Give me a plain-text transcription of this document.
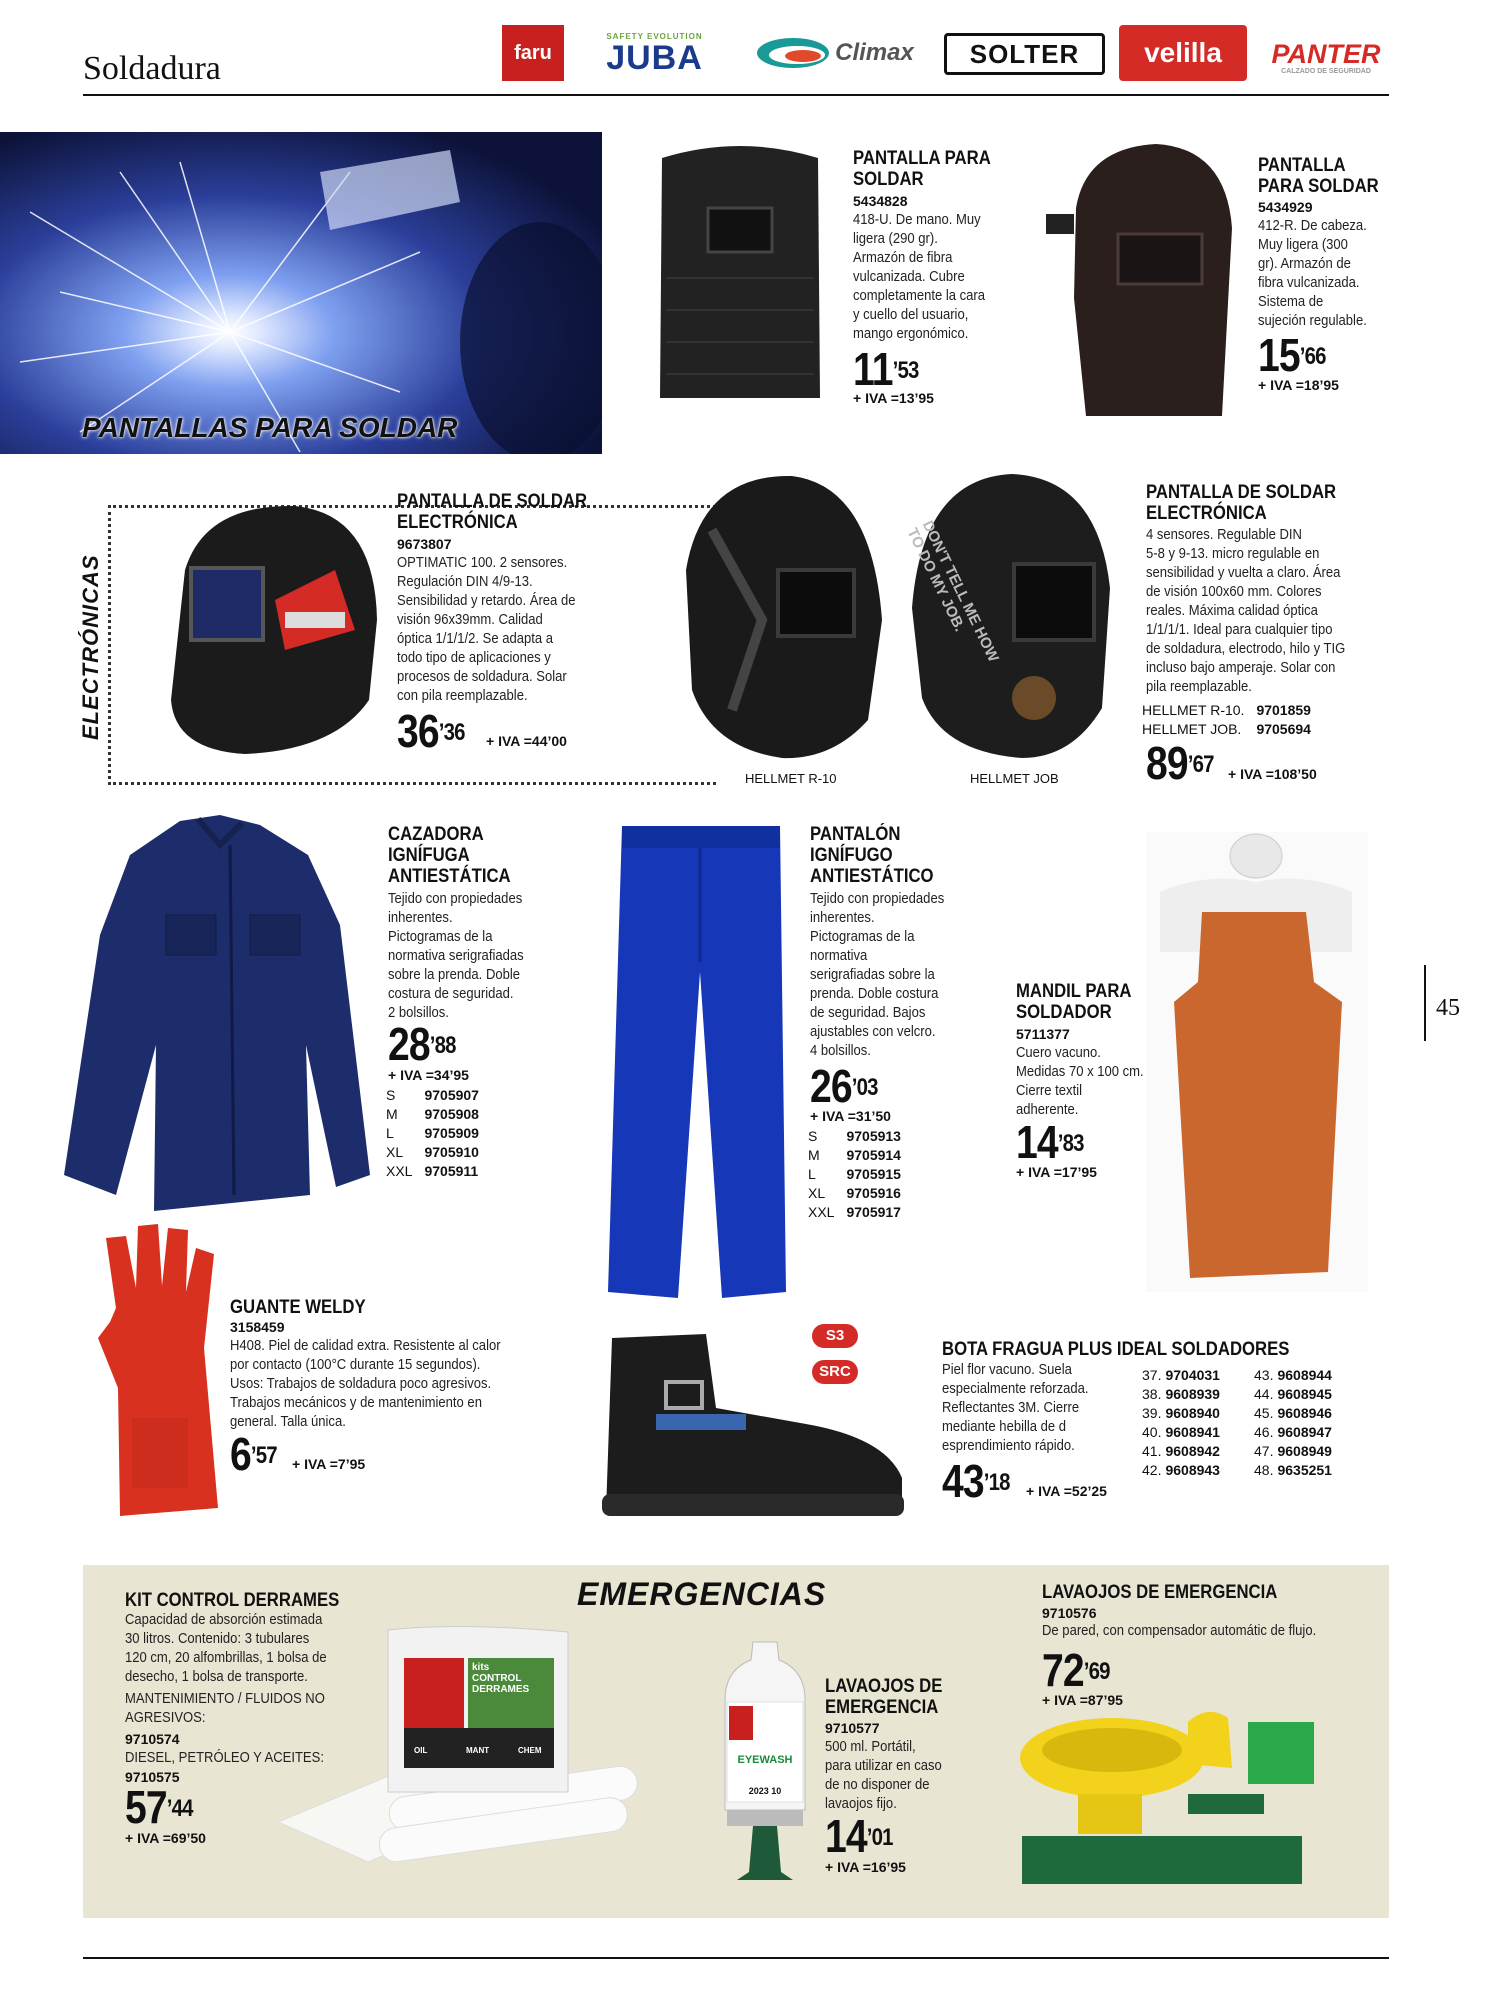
Soldadura	faru
SAFETY EVOLUTION
JUBA	Climax SOLTER velilla PANTER
CALZADO DE SEGURIDAD
PANTALLAS PARA SOLDAR
PANTALLA PARA
SOLDAR
5434828
418-U. De mano. Muy
ligera (290 gr).
Armazón de fibra
vulcanizada. Cubre
completamente la cara
y cuello del usuario,
mango ergonómico.
$11^{’53}$
+ IVA =13’95
PANTALLA
PARA SOLDAR
5434929
412-R. De cabeza.
Muy ligera (300
gr). Armazón de
fibra vulcanizada.
Sistema de
sujeción regulable.
$15^{’66}$
+ IVA =18’95
ELECTRÓNICAS
PANTALLA DE SOLDAR
ELECTRÓNICA
9673807
OPTIMATIC 100. 2 sensores.
Regulación DIN 4/9-13.
Sensibilidad y retardo. Área de
visión 96x39mm. Calidad
óptica 1/1/1/2. Se adapta a
todo tipo de aplicaciones y
procesos de soldadura. Solar
con pila reemplazable.
$36^{’36}$ + IVA =44’00
DON'T TELL ME HOW TO DO MY JOB.
HELLMET R-10	HELLMET JOB
PANTALLA DE SOLDAR
ELECTRÓNICA
4 sensores. Regulable DIN
5-8 y 9-13. micro regulable en
sensibilidad y vuelta a claro. Área
de visión 100x60 mm. Colores
reales. Máxima calidad óptica
1/1/1/1. Ideal para cualquier tipo
de soldadura, electrodo, hilo y TIG
incluso bajo amperaje. Solar con
pila reemplazable.
HELLMET R-10.	9701859
HELLMET JOB.	9705694
$89^{’67}$ + IVA =108’50
CAZADORA
IGNÍFUGA
ANTIESTÁTICA
Tejido con propiedades
inherentes.
Pictogramas de la
normativa serigrafiadas
sobre la prenda. Doble
costura de seguridad.
2 bolsillos.
$28^{’88}$
+ IVA =34’95
S	9705907
M	9705908
L	9705909
XL	9705910
XXL	9705911
PANTALÓN
IGNÍFUGO
ANTIESTÁTICO
Tejido con propiedades
inherentes.
Pictogramas de la
normativa
serigrafiadas sobre la
prenda. Doble costura
de seguridad. Bajos
ajustables con velcro.
4 bolsillos.
$26^{’03}$
+ IVA =31’50
S	9705913
M	9705914
L	9705915
XL	9705916
XXL	9705917
MANDIL PARA
SOLDADOR
5711377
Cuero vacuno.
Medidas 70 x 100 cm.
Cierre textil
adherente.
$14^{’83}$
+ IVA =17’95
45
GUANTE WELDY
3158459
H408. Piel de calidad extra. Resistente al calor
por contacto (100°C durante 15 segundos).
Usos: Trabajos de soldadura poco agresivos.
Trabajos mecánicos y de mantenimiento en
general. Talla única.
$6^{’57}$ + IVA =7’95
S3
SRC
BOTA FRAGUA PLUS IDEAL SOLDADORES
Piel flor vacuno. Suela
especialmente reforzada.
Reflectantes 3M. Cierre
mediante hebilla de d
esprendimiento rápido.
$43^{’18}$ + IVA =52’25
37.	9704031
38.	9608939
39.	9608940
40.	9608941
41.	9608942
42.	9608943
43.	9608944
44.	9608945
45.	9608946
46.	9608947
47.	9608949
48.	9635251
EMERGENCIAS
KIT CONTROL DERRAMES
Capacidad de absorción estimada
30 litros. Contenido: 3 tubulares
120 cm, 20 alfombrillas, 1 bolsa de
desecho, 1 bolsa de transporte.
MANTENIMIENTO / FLUIDOS NO
AGRESIVOS:
9710574
DIESEL, PETRÓLEO Y ACEITES:
9710575
$57^{’44}$
+ IVA =69’50
kits
CONTROL
DERRAMES
OIL	MANT	CHEM
EYEWASH
2023 10
LAVAOJOS DE
EMERGENCIA
9710577
500 ml. Portátil,
para utilizar en caso
de no disponer de
lavaojos fijo.
$14^{’01}$
+ IVA =16’95
LAVAOJOS DE EMERGENCIA
9710576
De pared, con compensador automátic de flujo.
$72^{’69}$
+ IVA =87’95
